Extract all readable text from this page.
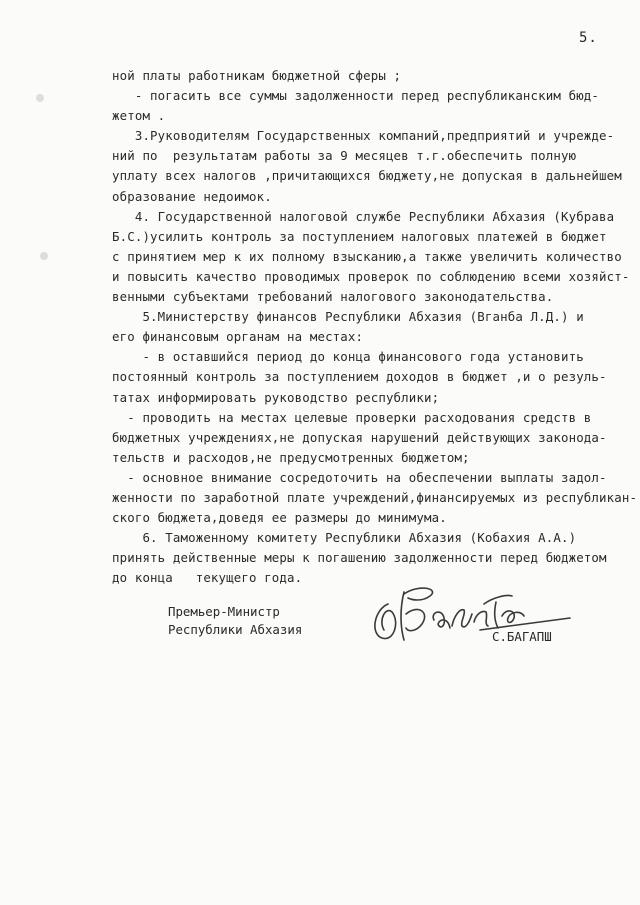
5.
ной платы работникам бюджетной сферы ;
- погасить все суммы задолженности перед республиканским бюд-
жетом .
3.Руководителям Государственных компаний,предприятий и учрежде-
ний по  результатам работы за 9 месяцев т.г.обеспечить полную
уплату всех налогов ,причитающихся бюджету,не допуская в дальнейшем
образование недоимок.
4. Государственной налоговой службе Республики Абхазия (Кубрава
Б.С.)усилить контроль за поступлением налоговых платежей в бюджет
с принятием мер к их полному взысканию,а также увеличить количество
и повысить качество проводимых проверок по соблюдению всеми хозяйст-
венными субъектами требований налогового законодательства.
5.Министерству финансов Республики Абхазия (Вганба Л.Д.) и
его финансовым органам на местах:
- в оставшийся период до конца финансового года установить
постоянный контроль за поступлением доходов в бюджет ,и о резуль-
татах информировать руководство республики;
- проводить на местах целевые проверки расходования средств в
бюджетных учреждениях,не допуская нарушений действующих законода-
тельств и расходов,не предусмотренных бюджетом;
- основное внимание сосредоточить на обеспечении выплаты задол-
женности по заработной плате учреждений,финансируемых из республикан-
ского бюджета,доведя ее размеры до минимума.
6. Таможенному комитету Республики Абхазия (Кобахия А.А.)
принять действенные меры к погашению задолженности перед бюджетом
до конца   текущего года.
Премьер-Министр
Республики Абхазия	С.БАГАПШ
